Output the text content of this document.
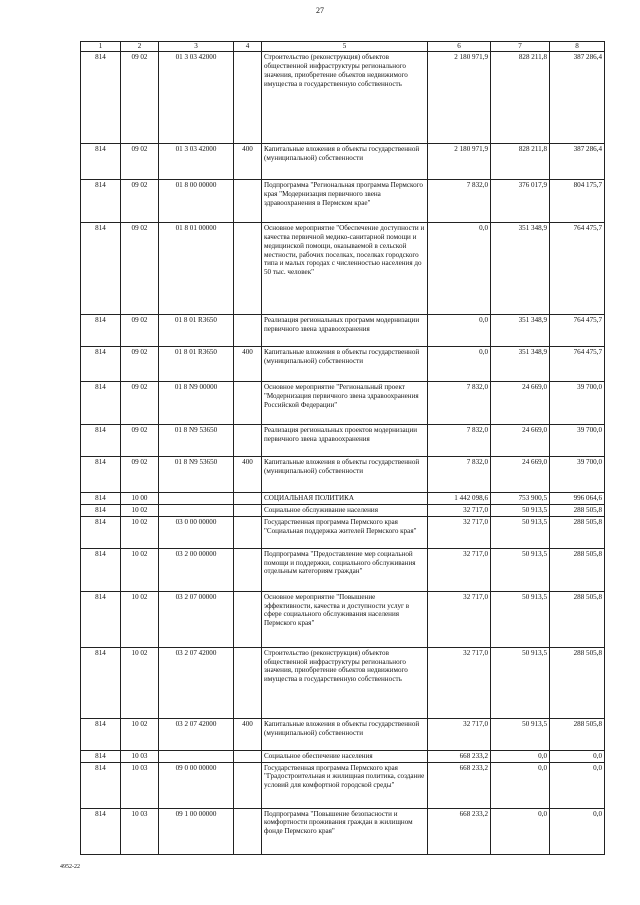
27
1	2	3	4	5	6	7	8
814	09 02	01 3 03 42000		Строительство (реконструкция) объектов общественной инфраструктуры регионального значения, приобретение объектов недвижимого имущества в государственную собственность	2 180 971,9	828 211,8	387 286,4
814	09 02	01 3 03 42000	400	Капитальные вложения в объекты государственной (муниципальной) собственности	2 180 971,9	828 211,8	387 286,4
814	09 02	01 8 00 00000		Подпрограмма "Региональная программа Пермского края "Модернизация первичного звена здравоохранения в Пермском крае"	7 832,0	376 017,9	804 175,7
814	09 02	01 8 01 00000		Основное мероприятие "Обеспечение доступности и качества первичной медико-санитарной помощи и медицинской помощи, оказываемой в сельской местности, рабочих поселках, поселках городского типа и малых городах с численностью населения до 50 тыс. человек"	0,0	351 348,9	764 475,7
814	09 02	01 8 01 R3650		Реализация региональных программ модернизации первичного звена здравоохранения	0,0	351 348,9	764 475,7
814	09 02	01 8 01 R3650	400	Капитальные вложения в объекты государственной (муниципальной) собственности	0,0	351 348,9	764 475,7
814	09 02	01 8 N9 00000		Основное мероприятие "Региональный проект "Модернизация первичного звена здравоохранения Российской Федерации"	7 832,0	24 669,0	39 700,0
814	09 02	01 8 N9 53650		Реализация региональных проектов модернизации первичного звена здравоохранения	7 832,0	24 669,0	39 700,0
814	09 02	01 8 N9 53650	400	Капитальные вложения в объекты государственной (муниципальной) собственности	7 832,0	24 669,0	39 700,0
814	10 00			СОЦИАЛЬНАЯ ПОЛИТИКА	1 442 098,6	753 900,5	996 064,6
814	10 02			Социальное обслуживание населения	32 717,0	50 913,5	288 505,8
814	10 02	03 0 00 00000		Государственная программа Пермского края "Социальная поддержка жителей Пермского края"	32 717,0	50 913,5	288 505,8
814	10 02	03 2 00 00000		Подпрограмма "Предоставление мер социальной помощи и поддержки, социального обслуживания отдельным категориям граждан"	32 717,0	50 913,5	288 505,8
814	10 02	03 2 07 00000		Основное мероприятие "Повышение эффективности, качества и доступности услуг в сфере социального обслуживания населения Пермского края"	32 717,0	50 913,5	288 505,8
814	10 02	03 2 07 42000		Строительство (реконструкция) объектов общественной инфраструктуры регионального значения, приобретение объектов недвижимого имущества в государственную собственность	32 717,0	50 913,5	288 505,8
814	10 02	03 2 07 42000	400	Капитальные вложения в объекты государственной (муниципальной) собственности	32 717,0	50 913,5	288 505,8
814	10 03			Социальное обеспечение населения	668 233,2	0,0	0,0
814	10 03	09 0 00 00000		Государственная программа Пермского края "Градостроительная и жилищная политика, создание условий для комфортной городской среды"	668 233,2	0,0	0,0
814	10 03	09 1 00 00000		Подпрограмма "Повышение безопасности и комфортности проживания граждан в жилищном фонде Пермского края"	668 233,2	0,0	0,0
4952-22
